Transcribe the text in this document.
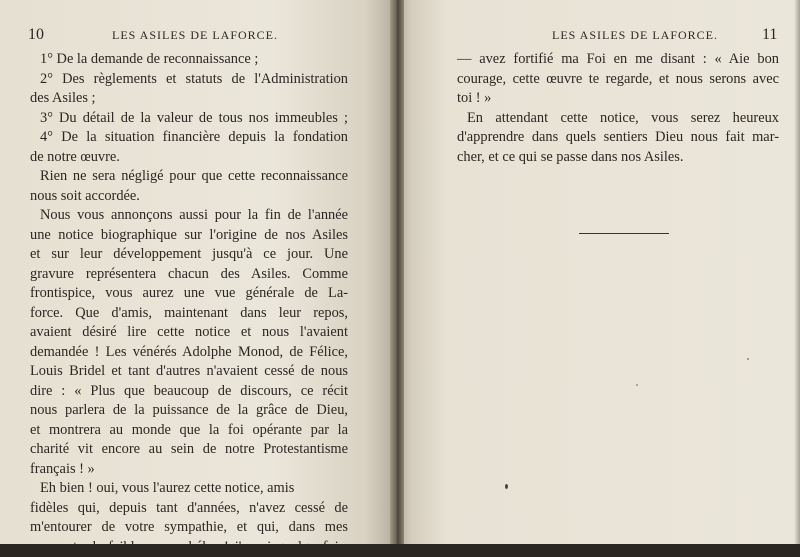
10	LES ASILES DE LAFORCE.
1° De la demande de reconnaissance ;
2° Des règlements et statuts de l'Administration
des Asiles ;
3° Du détail de la valeur de tous nos immeubles ;
4° De la situation financière depuis la fondation
de notre œuvre.
Rien ne sera négligé pour que cette reconnaissance
nous soit accordée.
Nous vous annonçons aussi pour la fin de l'année
une notice biographique sur l'origine de nos Asiles
et sur leur développement jusqu'à ce jour. Une
gravure représentera chacun des Asiles. Comme
frontispice, vous aurez une vue générale de La-
force. Que d'amis, maintenant dans leur repos,
avaient désiré lire cette notice et nous l'avaient
demandée ! Les vénérés Adolphe Monod, de Félice,
Louis Bridel et tant d'autres n'avaient cessé de nous
dire : « Plus que beaucoup de discours, ce récit
nous parlera de la puissance de la grâce de Dieu,
et montrera au monde que la foi opérante par la
charité vit encore au sein de notre Protestantisme
français ! »
Eh bien ! oui, vous l'aurez cette notice, amis
fidèles qui, depuis tant d'années, n'avez cessé de
m'entourer de votre sympathie, et qui, dans mes
moments de faiblesse, — hélas ! j'en ai quelquefois,
LES ASILES DE LAFORCE.	11
— avez fortifié ma Foi en me disant : « Aie bon
courage, cette œuvre te regarde, et nous serons avec
toi ! »
En attendant cette notice, vous serez heureux
d'apprendre dans quels sentiers Dieu nous fait mar-
cher, et ce qui se passe dans nos Asiles.
